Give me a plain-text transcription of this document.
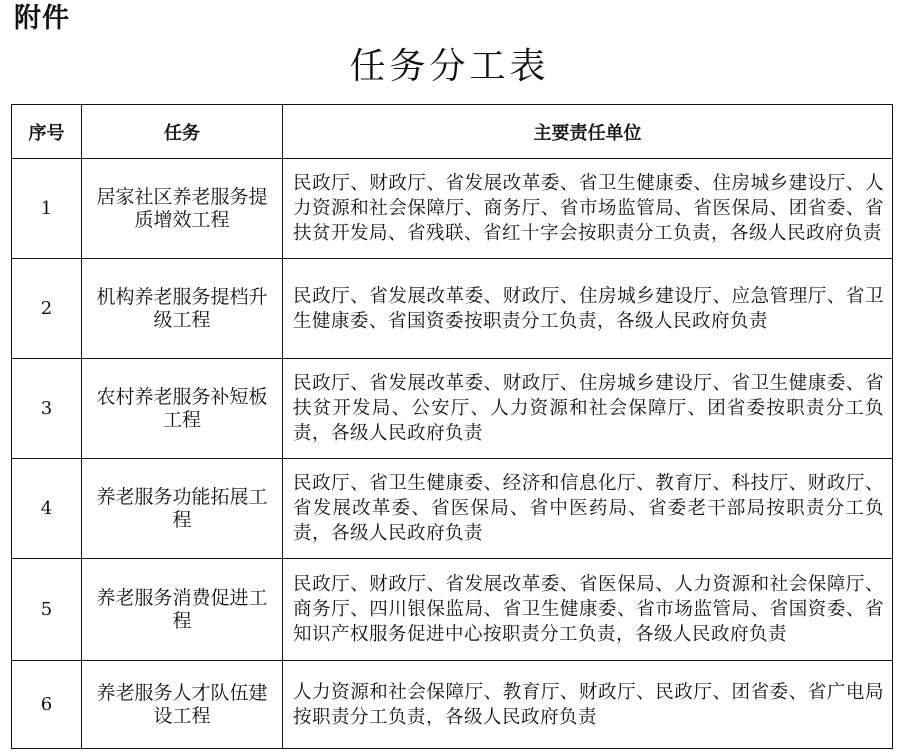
附件
任务分工表
序号	任务	主要责任单位
1	居家社区养老服务提质增效工程	民政厅、财政厅、省发展改革委、省卫生健康委、住房城乡建设厅、人力资源和社会保障厅、商务厅、省市场监管局、省医保局、团省委、省扶贫开发局、省残联、省红十字会按职责分工负责，各级人民政府负责
2	机构养老服务提档升级工程	民政厅、省发展改革委、财政厅、住房城乡建设厅、应急管理厅、省卫生健康委、省国资委按职责分工负责，各级人民政府负责
3	农村养老服务补短板工程	民政厅、省发展改革委、财政厅、住房城乡建设厅、省卫生健康委、省扶贫开发局、公安厅、人力资源和社会保障厅、团省委按职责分工负责，各级人民政府负责
4	养老服务功能拓展工程	民政厅、省卫生健康委、经济和信息化厅、教育厅、科技厅、财政厅、省发展改革委、省医保局、省中医药局、省委老干部局按职责分工负责，各级人民政府负责
5	养老服务消费促进工程	民政厅、财政厅、省发展改革委、省医保局、人力资源和社会保障厅、商务厅、四川银保监局、省卫生健康委、省市场监管局、省国资委、省知识产权服务促进中心按职责分工负责，各级人民政府负责
6	养老服务人才队伍建设工程	人力资源和社会保障厅、教育厅、财政厅、民政厅、团省委、省广电局按职责分工负责，各级人民政府负责
